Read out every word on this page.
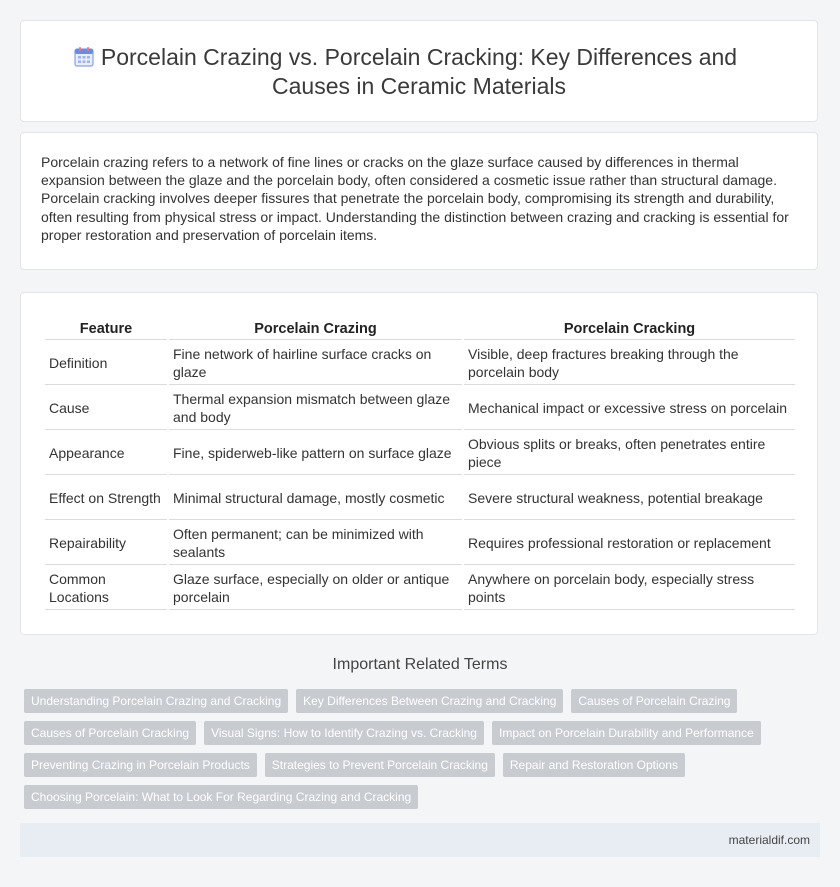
Porcelain Crazing vs. Porcelain Cracking: Key Differences and Causes in Ceramic Materials

Porcelain crazing refers to a network of fine lines or cracks on the glaze surface caused by differences in thermal expansion between the glaze and the porcelain body, often considered a cosmetic issue rather than structural damage. Porcelain cracking involves deeper fissures that penetrate the porcelain body, compromising its strength and durability, often resulting from physical stress or impact. Understanding the distinction between crazing and cracking is essential for proper restoration and preservation of porcelain items.

Feature	Porcelain Crazing	Porcelain Cracking
Definition	Fine network of hairline surface cracks on glaze	Visible, deep fractures breaking through the porcelain body
Cause	Thermal expansion mismatch between glaze and body	Mechanical impact or excessive stress on porcelain
Appearance	Fine, spiderweb-like pattern on surface glaze	Obvious splits or breaks, often penetrates entire piece
Effect on Strength	Minimal structural damage, mostly cosmetic	Severe structural weakness, potential breakage
Repairability	Often permanent; can be minimized with sealants	Requires professional restoration or replacement
Common Locations	Glaze surface, especially on older or antique porcelain	Anywhere on porcelain body, especially stress points
Important Related Terms
Understanding Porcelain Crazing and Cracking	Key Differences Between Crazing and Cracking	Causes of Porcelain Crazing
Causes of Porcelain Cracking	Visual Signs: How to Identify Crazing vs. Cracking	Impact on Porcelain Durability and Performance
Preventing Crazing in Porcelain Products	Strategies to Prevent Porcelain Cracking	Repair and Restoration Options
Choosing Porcelain: What to Look For Regarding Crazing and Cracking
materialdif.com
